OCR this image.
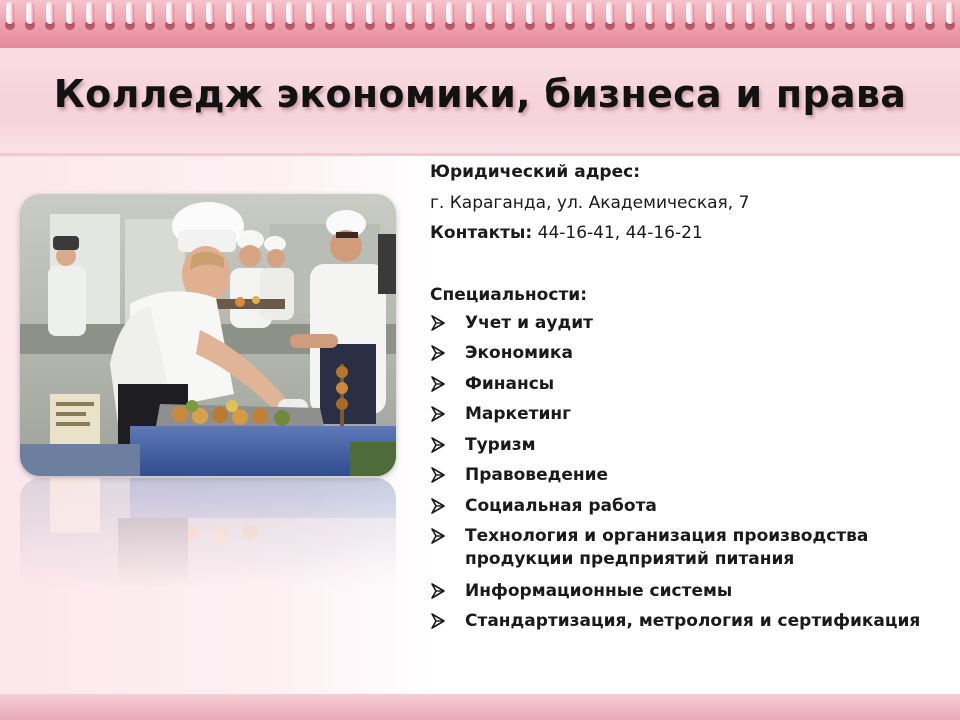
Колледж экономики, бизнеса и права
Юридический адрес:
г. Караганда, ул. Академическая, 7
Контакты: 44-16-41, 44-16-21
Специальности:
Учет и аудит
Экономика
Финансы
Маркетинг
Туризм
Правоведение
Социальная работа
Технология и организация производства продукции предприятий питания
Информационные системы
Стандартизация, метрология и сертификация
